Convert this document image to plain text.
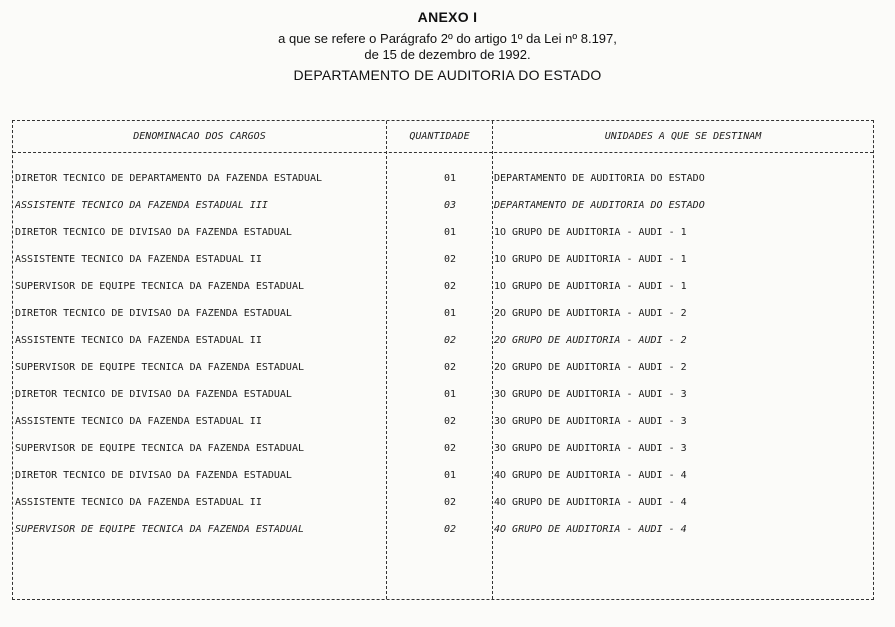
ANEXO I
a que se refere o Parágrafo 2º do artigo 1º da Lei nº 8.197,
de 15 de dezembro de 1992.
DEPARTAMENTO DE AUDITORIA DO ESTADO
DENOMINACAO DOS CARGOS	QUANTIDADE	UNIDADES A QUE SE DESTINAM
DIRETOR TECNICO DE DEPARTAMENTO DA FAZENDA ESTADUAL	01	DEPARTAMENTO DE AUDITORIA DO ESTADO
ASSISTENTE TECNICO DA FAZENDA ESTADUAL III	03	DEPARTAMENTO DE AUDITORIA DO ESTADO
DIRETOR TECNICO DE DIVISAO DA FAZENDA ESTADUAL	01	1O GRUPO DE AUDITORIA - AUDI - 1
ASSISTENTE TECNICO DA FAZENDA ESTADUAL II	02	1O GRUPO DE AUDITORIA - AUDI - 1
SUPERVISOR DE EQUIPE TECNICA DA FAZENDA ESTADUAL	02	1O GRUPO DE AUDITORIA - AUDI - 1
DIRETOR TECNICO DE DIVISAO DA FAZENDA ESTADUAL	01	2O GRUPO DE AUDITORIA - AUDI - 2
ASSISTENTE TECNICO DA FAZENDA ESTADUAL II	02	2O GRUPO DE AUDITORIA - AUDI - 2
SUPERVISOR DE EQUIPE TECNICA DA FAZENDA ESTADUAL	02	2O GRUPO DE AUDITORIA - AUDI - 2
DIRETOR TECNICO DE DIVISAO DA FAZENDA ESTADUAL	01	3O GRUPO DE AUDITORIA - AUDI - 3
ASSISTENTE TECNICO DA FAZENDA ESTADUAL II	02	3O GRUPO DE AUDITORIA - AUDI - 3
SUPERVISOR DE EQUIPE TECNICA DA FAZENDA ESTADUAL	02	3O GRUPO DE AUDITORIA - AUDI - 3
DIRETOR TECNICO DE DIVISAO DA FAZENDA ESTADUAL	01	4O GRUPO DE AUDITORIA - AUDI - 4
ASSISTENTE TECNICO DA FAZENDA ESTADUAL II	02	4O GRUPO DE AUDITORIA - AUDI - 4
SUPERVISOR DE EQUIPE TECNICA DA FAZENDA ESTADUAL	02	4O GRUPO DE AUDITORIA - AUDI - 4
